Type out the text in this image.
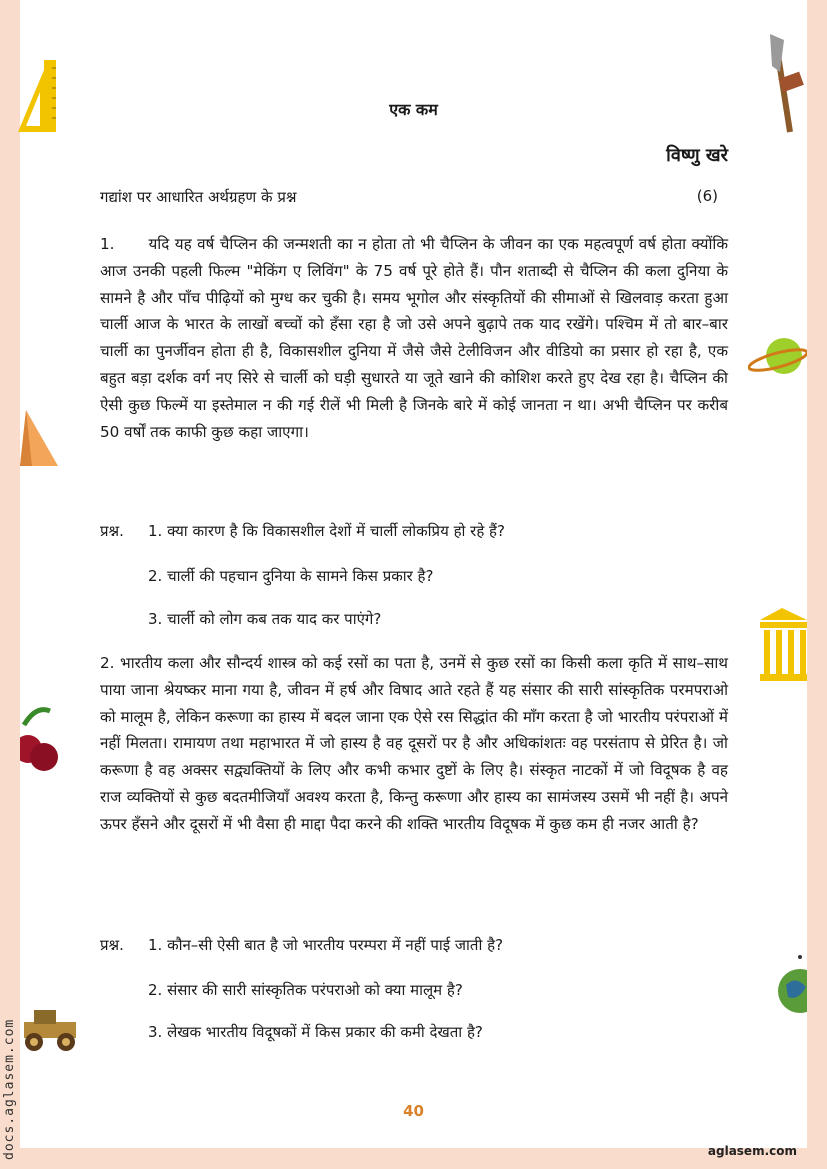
एक कम
विष्णु खरे
गद्यांश पर आधारित अर्थग्रहण के प्रश्न	(6)
1. यदि यह वर्ष चैप्लिन की जन्मशती का न होता तो भी चैप्लिन के जीवन का एक महत्वपूर्ण वर्ष होता क्योंकि आज उनकी पहली फिल्म "मेकिंग ए लिविंग" के 75 वर्ष पूरे होते हैं। पौन शताब्दी से चैप्लिन की कला दुनिया के सामने है और पाँच पीढ़ियों को मुग्ध कर चुकी है। समय भूगोल और संस्कृतियों की सीमाओं से खिलवाड़ करता हुआ चार्ली आज के भारत के लाखों बच्चों को हँसा रहा है जो उसे अपने बुढ़ापे तक याद रखेंगे। पश्चिम में तो बार–बार चार्ली का पुनर्जीवन होता ही है, विकासशील दुनिया में जैसे जैसे टेलीविजन और वीडियो का प्रसार हो रहा है, एक बहुत बड़ा दर्शक वर्ग नए सिरे से चार्ली को घड़ी सुधारते या जूते खाने की कोशिश करते हुए देख रहा है। चैप्लिन की ऐसी कुछ फिल्में या इस्तेमाल न की गई रीलें भी मिली है जिनके बारे में कोई जानता न था। अभी चैप्लिन पर करीब 50 वर्षों तक काफी कुछ कहा जाएगा।
प्रश्न. 1. क्या कारण है कि विकासशील देशों में चार्ली लोकप्रिय हो रहे हैं?
2. चार्ली की पहचान दुनिया के सामने किस प्रकार है?
3. चार्ली को लोग कब तक याद कर पाएंगे?
2. भारतीय कला और सौन्दर्य शास्त्र को कई रसों का पता है, उनमें से कुछ रसों का किसी कला कृति में साथ–साथ पाया जाना श्रेयष्कर माना गया है, जीवन में हर्ष और विषाद आते रहते हैं यह संसार की सारी सांस्कृतिक परमपराओ को मालूम है, लेकिन करूणा का हास्य में बदल जाना एक ऐसे रस सिद्धांत की माँग करता है जो भारतीय परंपराओं में नहीं मिलता। रामायण तथा महाभारत में जो हास्य है वह दूसरों पर है और अधिकांशतः वह परसंताप से प्रेरित है। जो करूणा है वह अक्सर सद्व्यक्तियों के लिए और कभी कभार दुष्टों के लिए है। संस्कृत नाटकों में जो विदूषक है वह राज व्यक्तियों से कुछ बदतमीजियाँ अवश्य करता है, किन्तु करूणा और हास्य का सामंजस्य उसमें भी नहीं है। अपने ऊपर हँसने और दूसरों में भी वैसा ही माद्दा पैदा करने की शक्ति भारतीय विदूषक में कुछ कम ही नजर आती है?
प्रश्न. 1. कौन–सी ऐसी बात है जो भारतीय परम्परा में नहीं पाई जाती है?
2. संसार की सारी सांस्कृतिक परंपराओ को क्या मालूम है?
3. लेखक भारतीय विदूषकों में किस प्रकार की कमी देखता है?
40
aglasem.com
docs.aglasem.com
